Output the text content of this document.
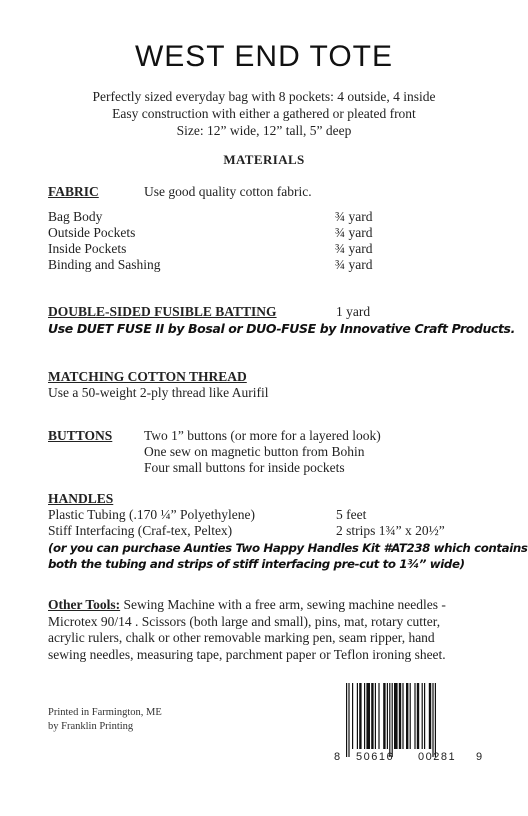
WEST END TOTE
Perfectly sized everyday bag with 8 pockets: 4 outside, 4 inside
Easy construction with either a gathered or pleated front
Size: 12” wide, 12” tall, 5” deep
MATERIALS
FABRIC	Use good quality cotton fabric.
Bag Body	¾ yard
Outside Pockets	¾ yard
Inside Pockets	¾ yard
Binding and Sashing	¾ yard
DOUBLE-SIDED FUSIBLE BATTING	1 yard
Use DUET FUSE II by Bosal or DUO-FUSE by Innovative Craft Products.
MATCHING COTTON THREAD
Use a 50-weight 2-ply thread like Aurifil
BUTTONS Two 1” buttons (or more for a layered look)
One sew on magnetic button from Bohin
Four small buttons for inside pockets
HANDLES
Plastic Tubing (.170 ¼” Polyethylene)	5 feet
Stiff Interfacing (Craf-tex, Peltex)	2 strips 1¾” x 20½”
(or you can purchase Aunties Two Happy Handles Kit #AT238 which contains
both the tubing and strips of stiff interfacing pre-cut to 1¾” wide)
Other Tools: Sewing Machine with a free arm, sewing machine needles - Microtex 90/14 . Scissors (both large and small), pins, mat, rotary cutter, acrylic rulers, chalk or other removable marking pen, seam ripper, hand sewing needles, measuring tape, parchment paper or Teflon ironing sheet.
Printed in Farmington, ME
by Franklin Printing
8 50616 00281 9
